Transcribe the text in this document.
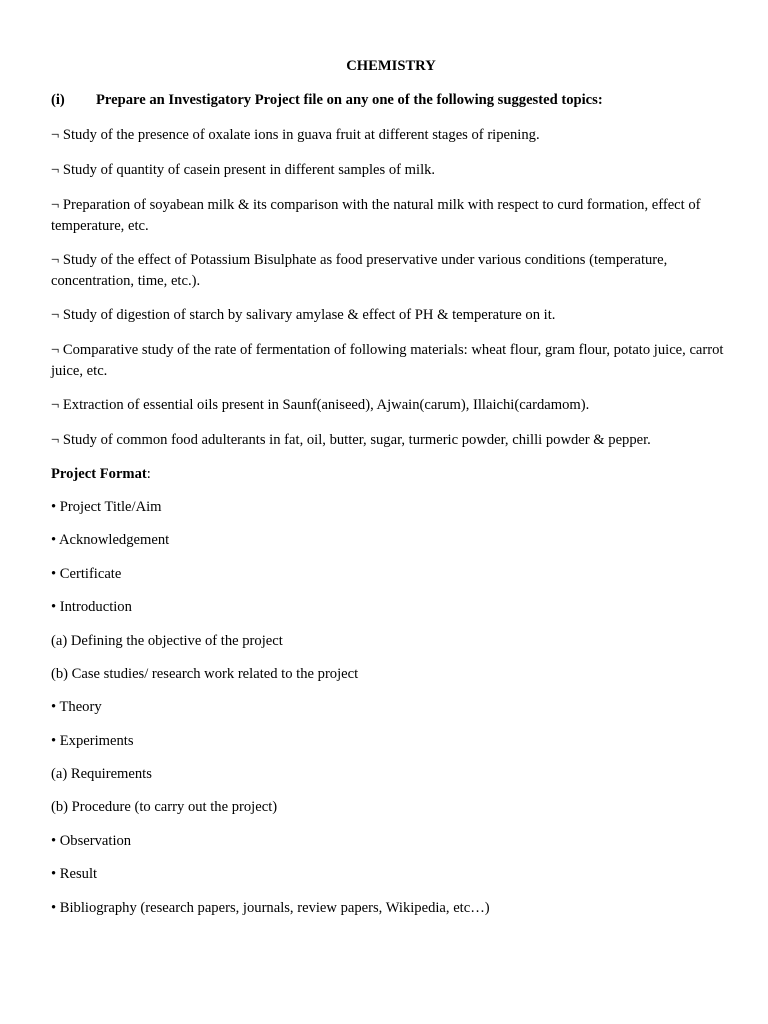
CHEMISTRY
(i) Prepare an Investigatory Project file on any one of the following suggested topics:
¬ Study of the presence of oxalate ions in guava fruit at different stages of ripening.
¬ Study of quantity of casein present in different samples of milk.
¬ Preparation of soyabean milk & its comparison with the natural milk with respect to curd formation, effect of temperature, etc.
¬ Study of the effect of Potassium Bisulphate as food preservative under various conditions (temperature, concentration, time, etc.).
¬ Study of digestion of starch by salivary amylase & effect of PH & temperature on it.
¬ Comparative study of the rate of fermentation of following materials: wheat flour, gram flour, potato juice, carrot juice, etc.
¬ Extraction of essential oils present in Saunf(aniseed), Ajwain(carum), Illaichi(cardamom).
¬ Study of common food adulterants in fat, oil, butter, sugar, turmeric powder, chilli powder & pepper.
Project Format:
• Project Title/Aim
• Acknowledgement
• Certificate
• Introduction
(a) Defining the objective of the project
(b) Case studies/ research work related to the project
• Theory
• Experiments
(a) Requirements
(b) Procedure (to carry out the project)
• Observation
• Result
• Bibliography (research papers, journals, review papers, Wikipedia, etc…)
